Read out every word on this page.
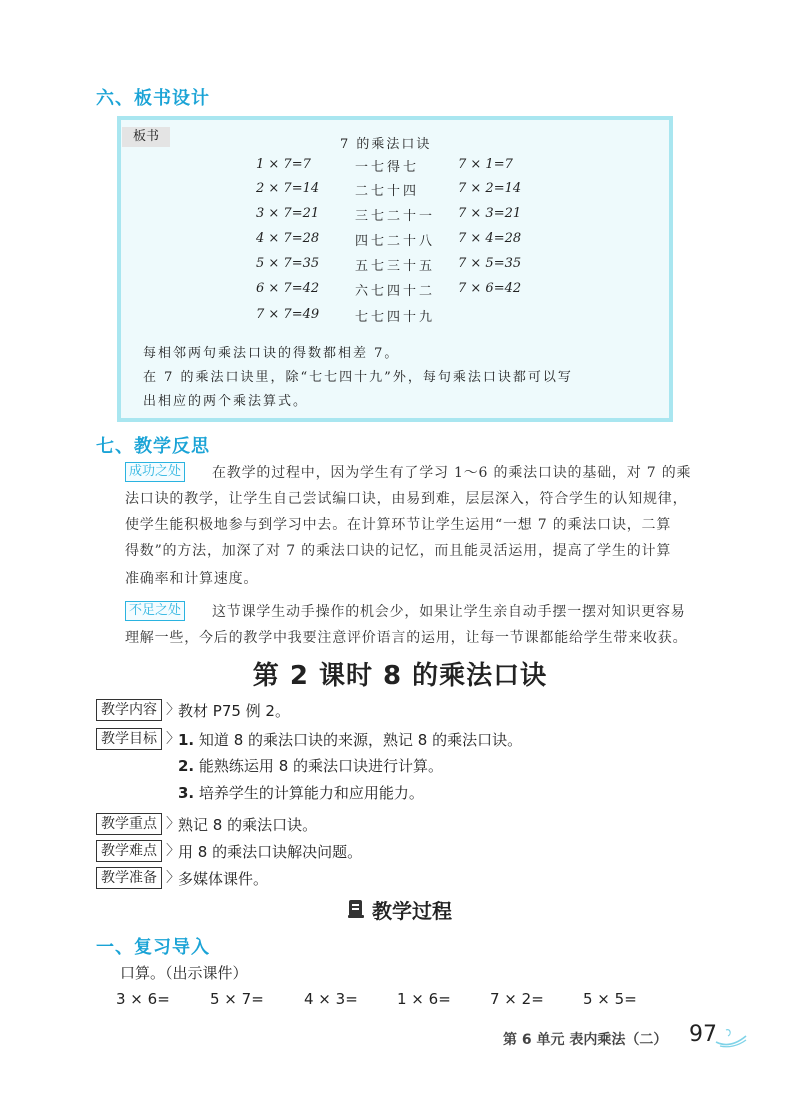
六、板书设计
板书
7 的乘法口诀
1 × 7=7	一七得七	7 × 1=7
2 × 7=14	二七十四	7 × 2=14
3 × 7=21	三七二十一 7 × 3=21
4 × 7=28	四七二十八 7 × 4=28
5 × 7=35	五七三十五 7 × 5=35
6 × 7=42	六七四十二 7 × 6=42
7 × 7=49	七七四十九
每相邻两句乘法口诀的得数都相差 7。
在 7 的乘法口诀里，除“七七四十九”外，每句乘法口诀都可以写
出相应的两个乘法算式。
七、教学反思
成功之处 在教学的过程中，因为学生有了学习 1～6 的乘法口诀的基础，对 7 的乘
法口诀的教学，让学生自己尝试编口诀，由易到难，层层深入，符合学生的认知规律，
使学生能积极地参与到学习中去。在计算环节让学生运用“一想 7 的乘法口诀，二算
得数”的方法，加深了对 7 的乘法口诀的记忆，而且能灵活运用，提高了学生的计算
准确率和计算速度。
不足之处 这节课学生动手操作的机会少，如果让学生亲自动手摆一摆对知识更容易
理解一些，今后的教学中我要注意评价语言的运用，让每一节课都能给学生带来收获。
第 2 课时 8 的乘法口诀
教学内容 〉
教材 P75 例 2。
教学目标 〉
1. 知道 8 的乘法口诀的来源，熟记 8 的乘法口诀。
2. 能熟练运用 8 的乘法口诀进行计算。
3. 培养学生的计算能力和应用能力。
教学重点 〉
熟记 8 的乘法口诀。
教学难点 〉
用 8 的乘法口诀解决问题。
教学准备 〉
多媒体课件。
教学过程
一、复习导入
口算。（出示课件）
3 × 6=	5 × 7=	4 × 3=	1 × 6=	7 × 2=	5 × 5=
第 6 单元 表内乘法（二） 97
